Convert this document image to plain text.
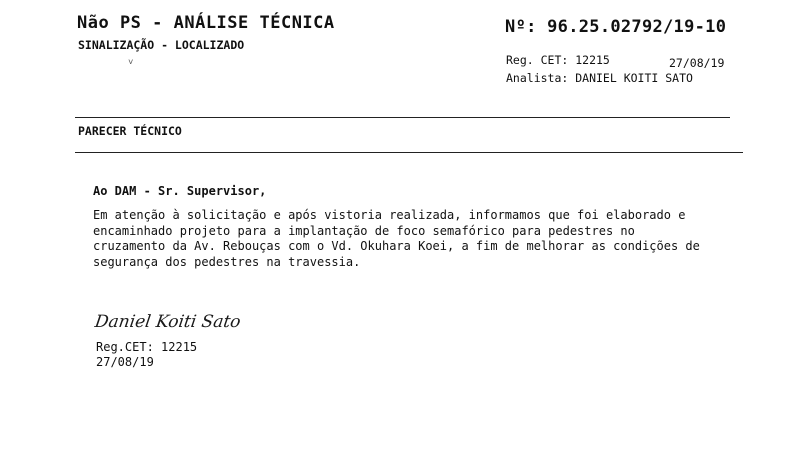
Não PS - ANÁLISE TÉCNICA
SINALIZAÇÃO - LOCALIZADO
˅
Nº: 96.25.02792/19-10
Reg. CET: 12215	27/08/19
Analista: DANIEL KOITI SATO
PARECER TÉCNICO
Ao DAM - Sr. Supervisor,
Em atenção à solicitação e após vistoria realizada, informamos que foi elaborado e
encaminhado projeto para a implantação de foco semafórico para pedestres no
cruzamento da Av. Rebouças com o Vd. Okuhara Koei, a fim de melhorar as condições de
segurança dos pedestres na travessia.
Daniel Koiti Sato
Reg.CET: 12215
27/08/19
